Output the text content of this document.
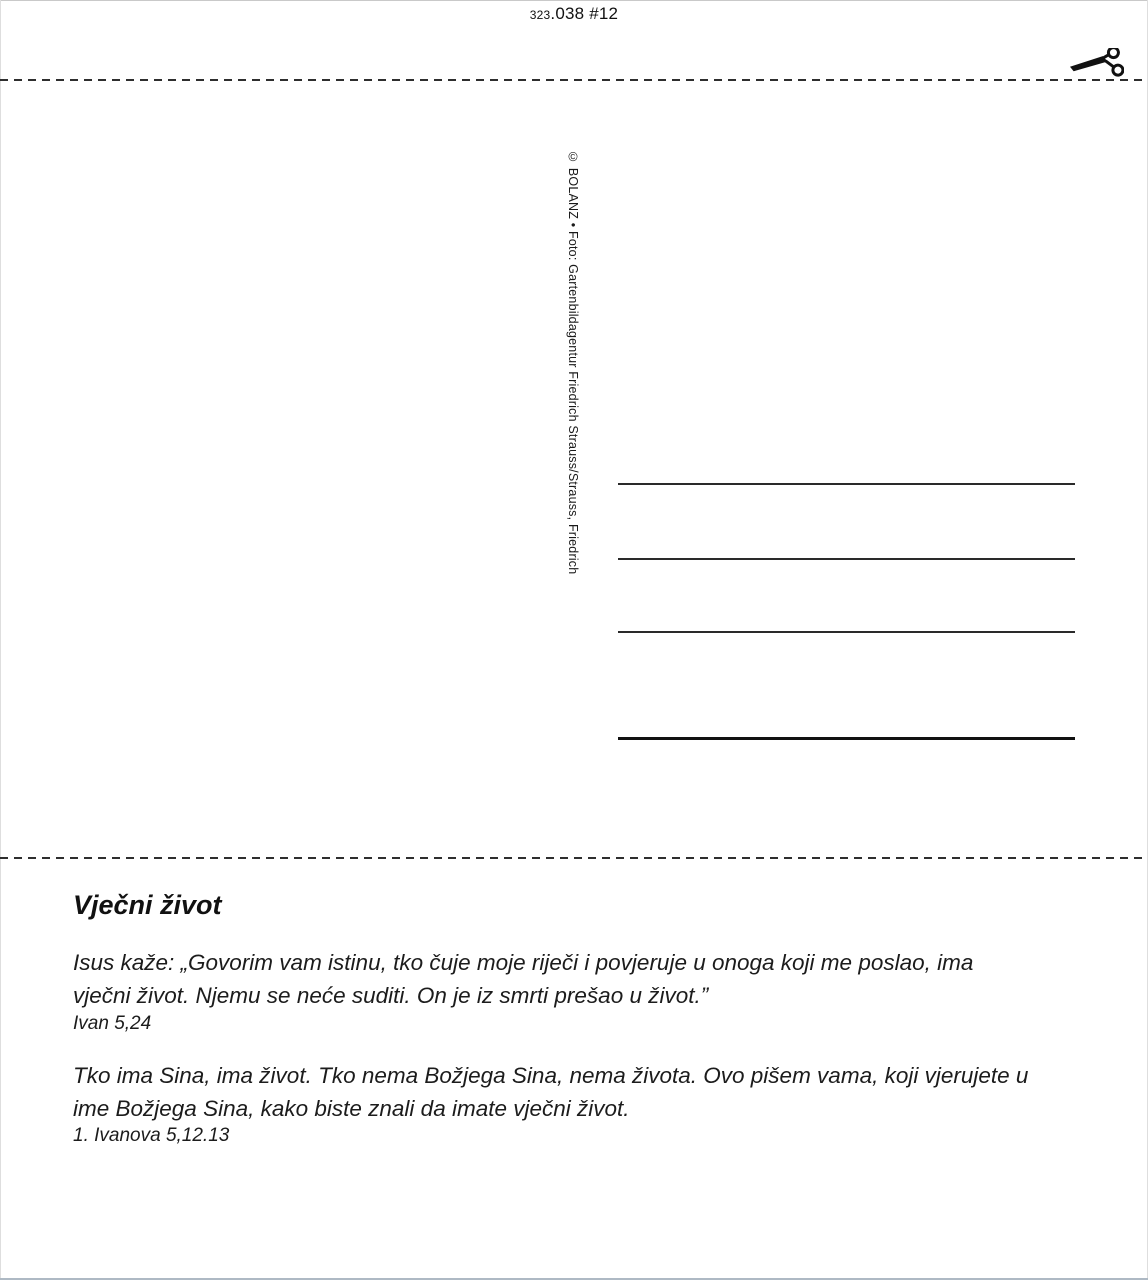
323.038 #12
© BOLANZ • Foto: Gartenbildagentur Friedrich Strauss/Strauss, Friedrich
Vječni život
Isus kaže: „Govorim vam istinu, tko čuje moje riječi i povjeruje u onoga koji me poslao, ima
vječni život. Njemu se neće suditi. On je iz smrti prešao u život.”
Ivan 5,24
Tko ima Sina, ima život. Tko nema Božjega Sina, nema života. Ovo pišem vama, koji vjerujete u
ime Božjega Sina, kako biste znali da imate vječni život.
1. Ivanova 5,12.13
